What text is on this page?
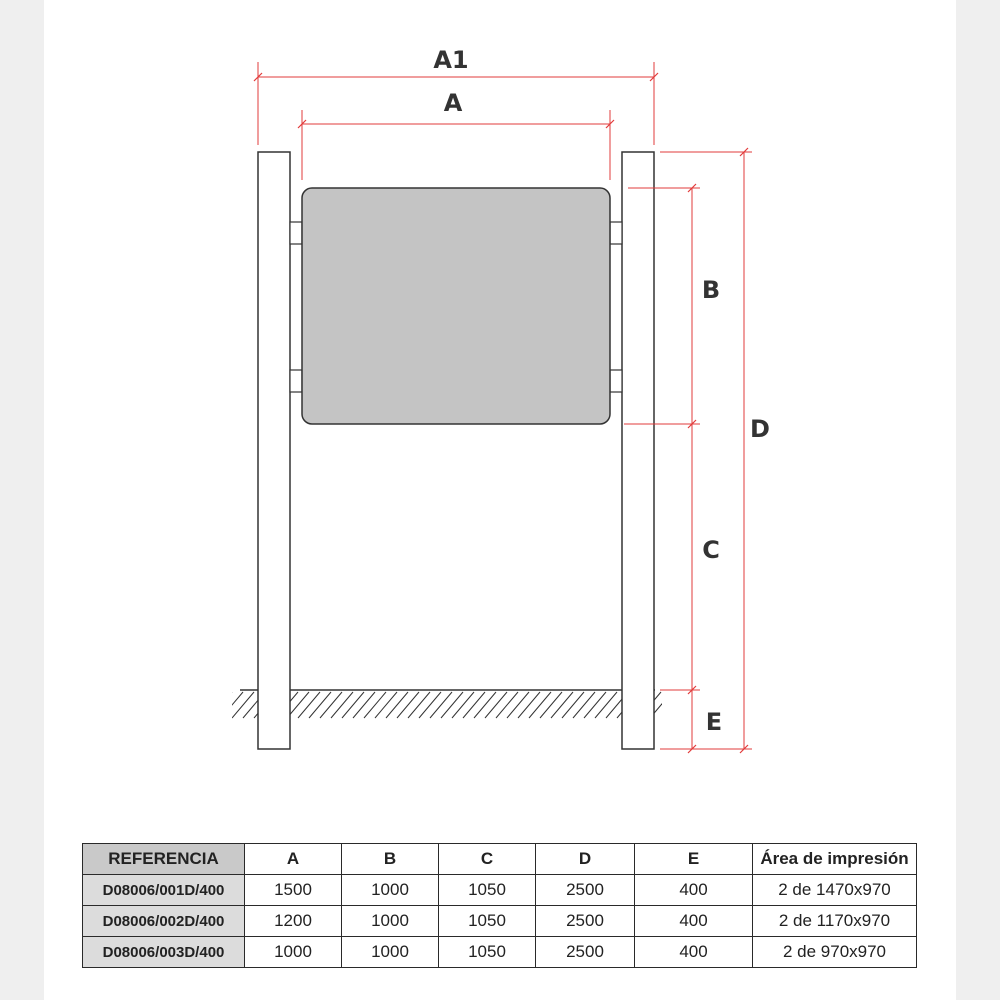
A1
A
B
C
D
E
REFERENCIA	A	B	C	D	E	Área de impresión
D08006/001D/400	1500	1000	1050	2500	400	2 de 1470x970
D08006/002D/400	1200	1000	1050	2500	400	2 de 1170x970
D08006/003D/400	1000	1000	1050	2500	400	2 de 970x970
